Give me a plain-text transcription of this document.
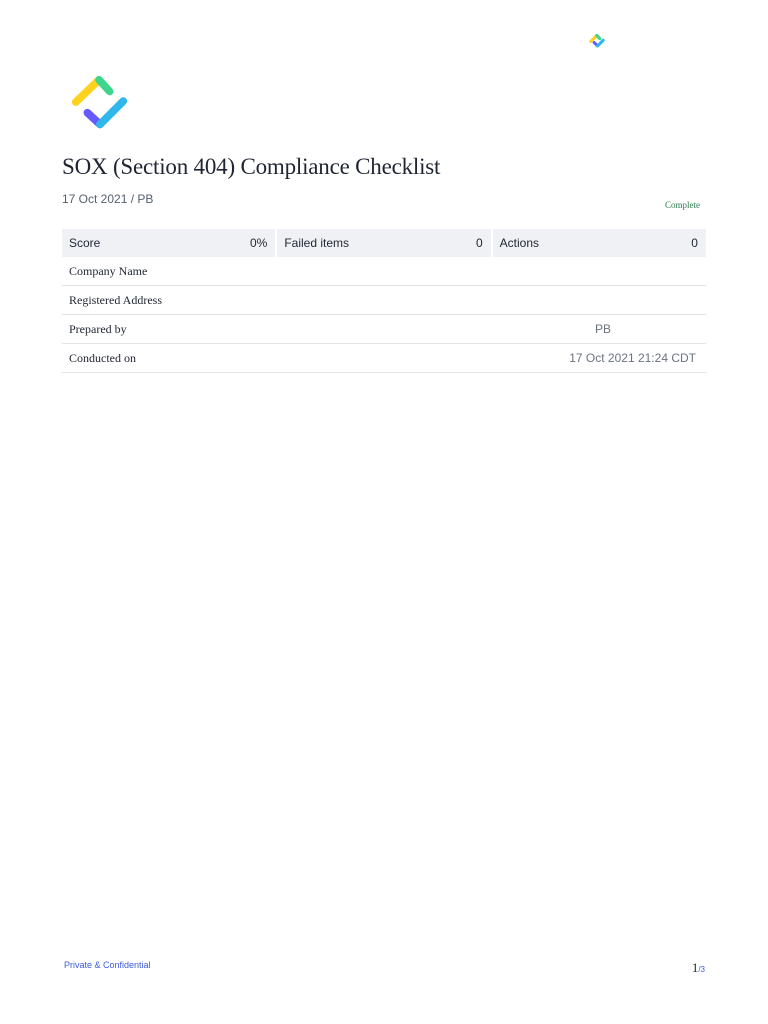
SOX (Section 404) Compliance Checklist
17 Oct 2021 / PB	Complete
Score	0% Failed items	0 Actions	0
Company Name
Registered Address
Prepared by	PB
Conducted on	17 Oct 2021 21:24 CDT
Private & Confidential	1/3
